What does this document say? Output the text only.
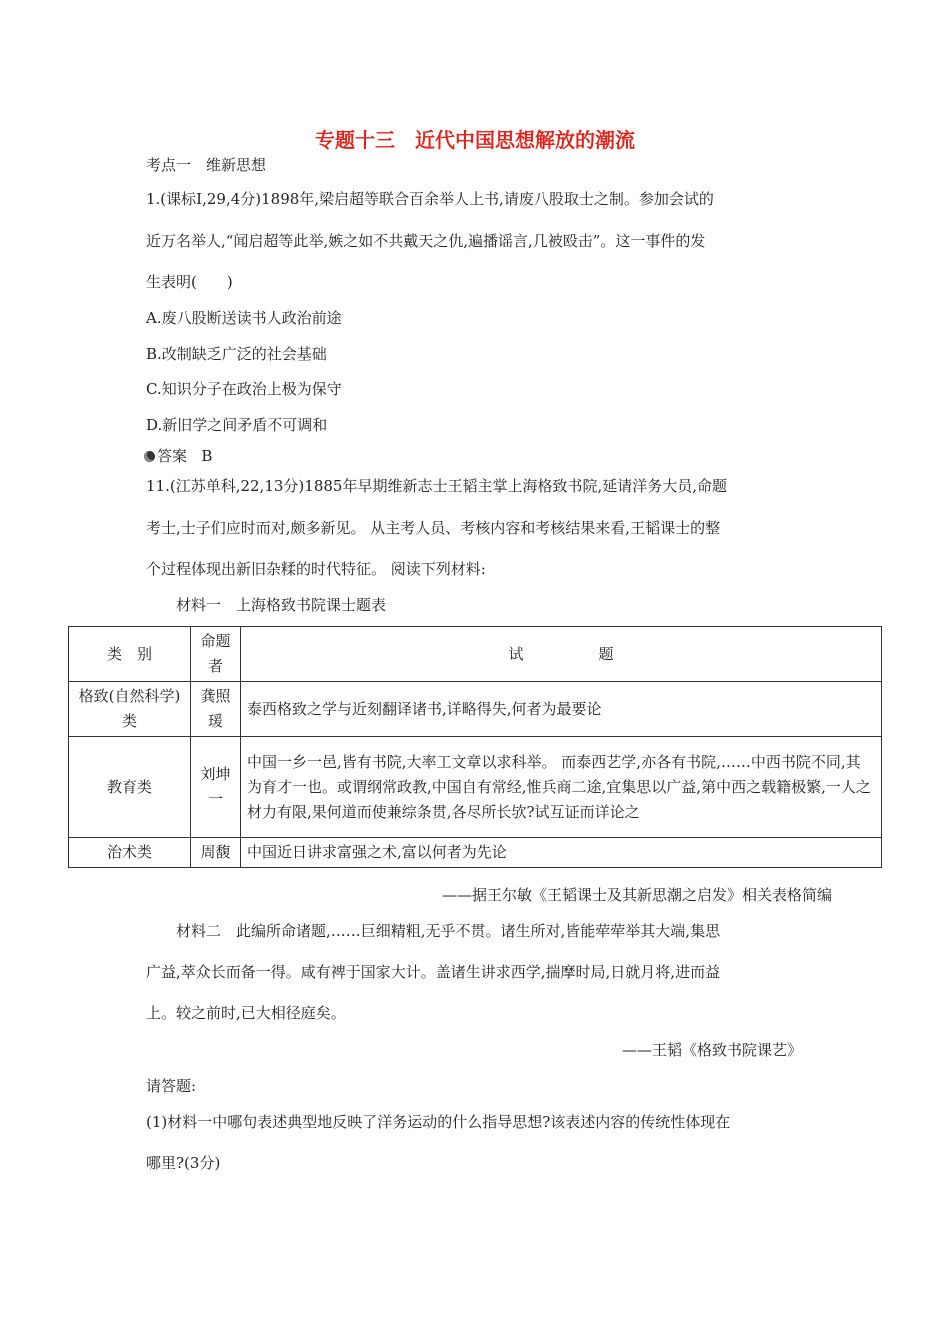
专题十三　近代中国思想解放的潮流
考点一　维新思想
1.(课标Ⅰ,29,4分)1898年,梁启超等联合百余举人上书,请废八股取士之制。参加会试的
近万名举人,“闻启超等此举,嫉之如不共戴天之仇,遍播谣言,几被殴击”。这一事件的发
生表明(　　)
A.废八股断送读书人政治前途
B.改制缺乏广泛的社会基础
C.知识分子在政治上极为保守
D.新旧学之间矛盾不可调和
答案 B
11.(江苏单科,22,13分)1885年早期维新志士王韬主掌上海格致书院,延请洋务大员,命题
考士,士子们应时而对,颇多新见。 从主考人员、考核内容和考核结果来看,王韬课士的整
个过程体现出新旧杂糅的时代特征。 阅读下列材料:
材料一　上海格致书院课士题表
类　别	命题者	试　　　　　题
格致(自然科学)类	龚照瑗	泰西格致之学与近刻翻译诸书,详略得失,何者为最要论
教育类	刘坤一	中国一乡一邑,皆有书院,大率工文章以求科举。 而泰西艺学,亦各有书院,……中西书院不同,其为育才一也。或谓纲常政教,中国自有常经,惟兵商二途,宜集思以广益,第中西之载籍极繁,一人之材力有限,果何道而使兼综条贯,各尽所长欤?试互证而详论之
治术类	周馥	中国近日讲求富强之术,富以何者为先论
——据王尔敏《王韬课士及其新思潮之启发》相关表格简编
材料二　此编所命诸题,……巨细精粗,无乎不贯。诸生所对,皆能荦荦举其大端,集思
广益,萃众长而备一得。咸有裨于国家大计。盖诸生讲求西学,揣摩时局,日就月将,进而益
上。较之前时,已大相径庭矣。
——王韬《格致书院课艺》
请答题:
(1)材料一中哪句表述典型地反映了洋务运动的什么指导思想?该表述内容的传统性体现在
哪里?(3分)
